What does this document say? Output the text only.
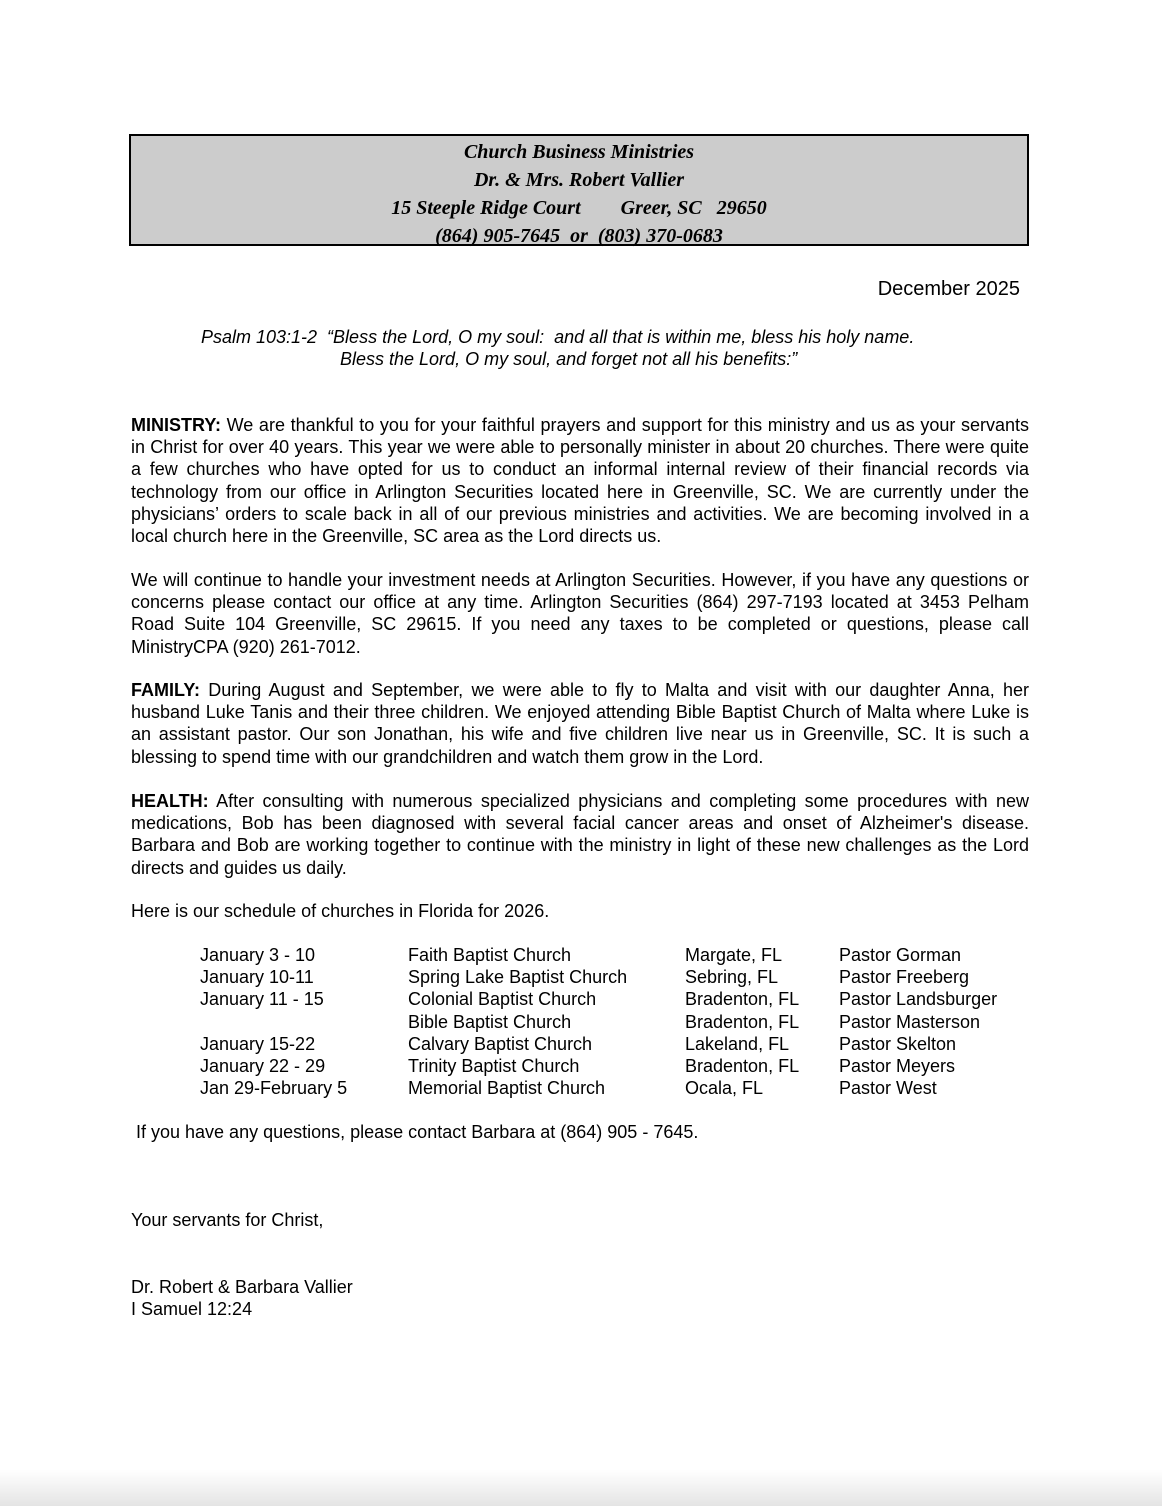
Church Business Ministries
Dr. & Mrs. Robert Vallier
15 Steeple Ridge Court        Greer, SC   29650
(864) 905-7645  or  (803) 370-0683
December 2025
Psalm 103:1-2  “Bless the Lord, O my soul:  and all that is within me, bless his holy name.
Bless the Lord, O my soul, and forget not all his benefits:”
MINISTRY: We are thankful to you for your faithful prayers and support for this ministry and us as your servants in Christ for over 40 years. This year we were able to personally minister in about 20 churches. There were quite a few churches who have opted for us to conduct an informal internal review of their financial records via technology from our office in Arlington Securities located here in Greenville, SC. We are currently under the physicians’ orders to scale back in all of our previous ministries and activities. We are becoming involved in a local church here in the Greenville, SC area as the Lord directs us.
We will continue to handle your investment needs at Arlington Securities. However, if you have any questions or concerns please contact our office at any time. Arlington Securities (864) 297-7193 located at 3453 Pelham Road Suite 104 Greenville, SC 29615. If you need any taxes to be completed or questions, please call MinistryCPA (920) 261-7012.
FAMILY: During August and September, we were able to fly to Malta and visit with our daughter Anna, her husband Luke Tanis and their three children. We enjoyed attending Bible Baptist Church of Malta where Luke is an assistant pastor. Our son Jonathan, his wife and five children live near us in Greenville, SC. It is such a blessing to spend time with our grandchildren and watch them grow in the Lord.
HEALTH: After consulting with numerous specialized physicians and completing some procedures with new medications, Bob has been diagnosed with several facial cancer areas and onset of Alzheimer's disease. Barbara and Bob are working together to continue with the ministry in light of these new challenges as the Lord directs and guides us daily.
Here is our schedule of churches in Florida for 2026.
January 3 - 10	Faith Baptist Church	Margate, FL	Pastor Gorman
January 10-11	Spring Lake Baptist Church	Sebring, FL	Pastor Freeberg
January 11 - 15	Colonial Baptist Church	Bradenton, FL	Pastor Landsburger
Bible Baptist Church	Bradenton, FL	Pastor Masterson
January 15-22	Calvary Baptist Church	Lakeland, FL	Pastor Skelton
January 22 - 29	Trinity Baptist Church	Bradenton, FL	Pastor Meyers
Jan 29-February 5	Memorial Baptist Church	Ocala, FL	Pastor West
If you have any questions, please contact Barbara at (864) 905 - 7645.
Your servants for Christ,
Dr. Robert & Barbara Vallier
I Samuel 12:24
